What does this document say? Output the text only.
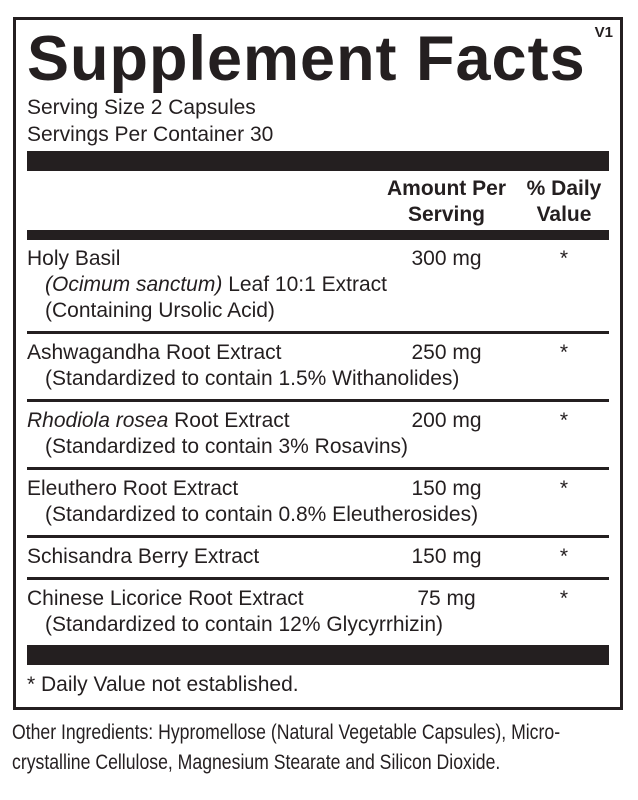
V1
Supplement Facts
Serving Size 2 Capsules
Servings Per Container 30
Amount Per
Serving
% Daily
Value
Holy Basil	300 mg	*
(Ocimum sanctum) Leaf 10:1 Extract
(Containing Ursolic Acid)
Ashwagandha Root Extract	250 mg	*
(Standardized to contain 1.5% Withanolides)
Rhodiola rosea Root Extract	200 mg	*
(Standardized to contain 3% Rosavins)
Eleuthero Root Extract	150 mg	*
(Standardized to contain 0.8% Eleutherosides)
Schisandra Berry Extract	150 mg	*
Chinese Licorice Root Extract	75 mg	*
(Standardized to contain 12% Glycyrrhizin)
* Daily Value not established.
Other Ingredients: Hypromellose (Natural Vegetable Capsules), Micro-
crystalline Cellulose, Magnesium Stearate and Silicon Dioxide.
